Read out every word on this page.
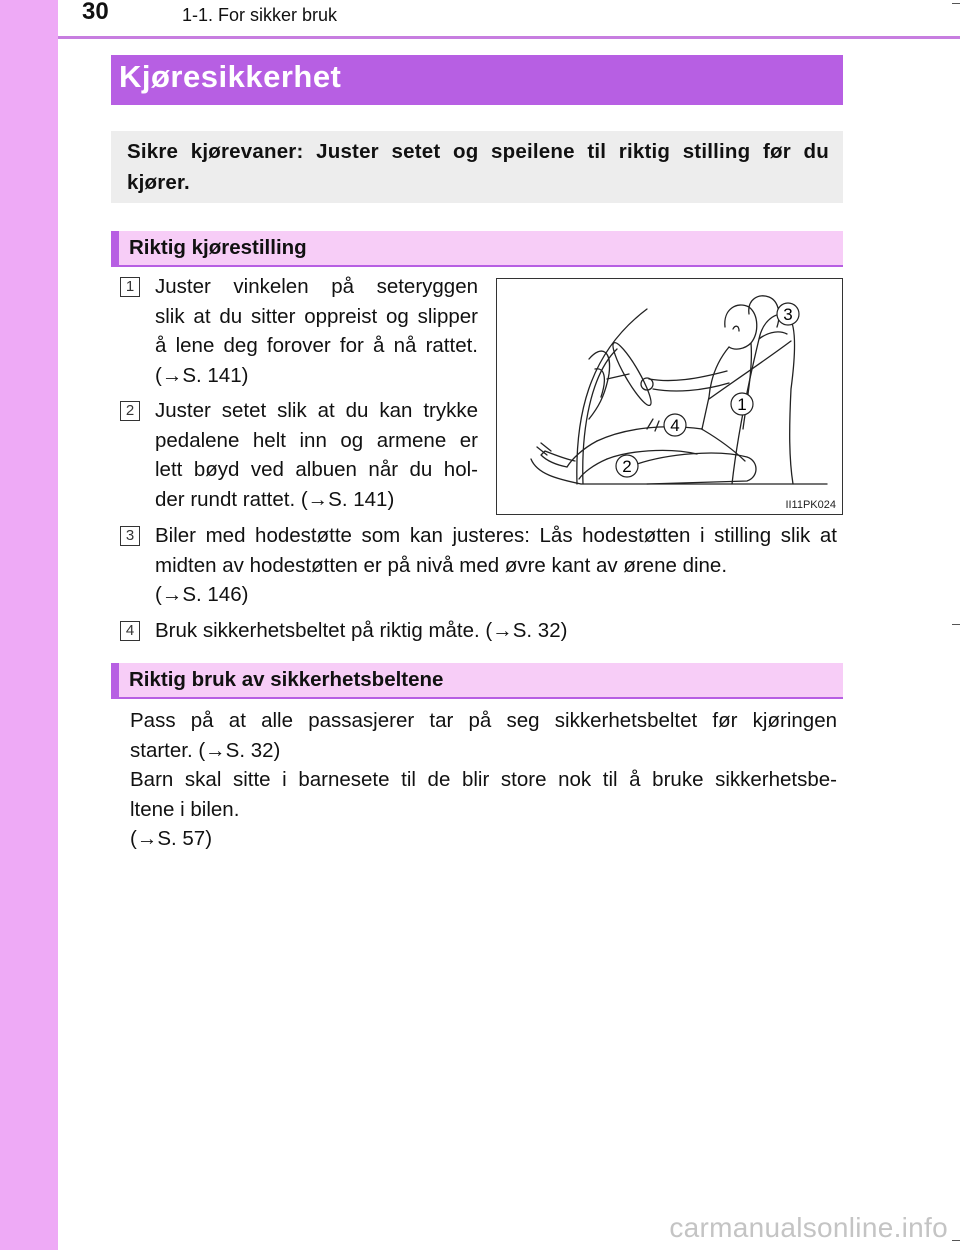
30	1-1. For sikker bruk
Kjøresikkerhet
Sikre kjørevaner: Juster setet og speilene til riktig stilling før du kjører.
Riktig kjørestilling
1 Juster vinkelen på seteryggen
slik at du sitter oppreist og slipper
å lene deg forover for å nå rattet.
(→S. 141)
2 Juster setet slik at du kan trykke
pedalene helt inn og armene er
lett bøyd ved albuen når du hol-
der rundt rattet. (→S. 141)
3
1
4
2
II11PK024
3 Biler med hodestøtte som kan justeres: Lås hodestøtten i stilling slik at
midten av hodestøtten er på nivå med øvre kant av ørene dine.
(→S. 146)
4 Bruk sikkerhetsbeltet på riktig måte. (→S. 32)
Riktig bruk av sikkerhetsbeltene
Pass på at alle passasjerer tar på seg sikkerhetsbeltet før kjøringen
starter. (→S. 32)
Barn skal sitte i barnesete til de blir store nok til å bruke sikkerhetsbe-
ltene i bilen.
(→S. 57)
carmanualsonline.info
